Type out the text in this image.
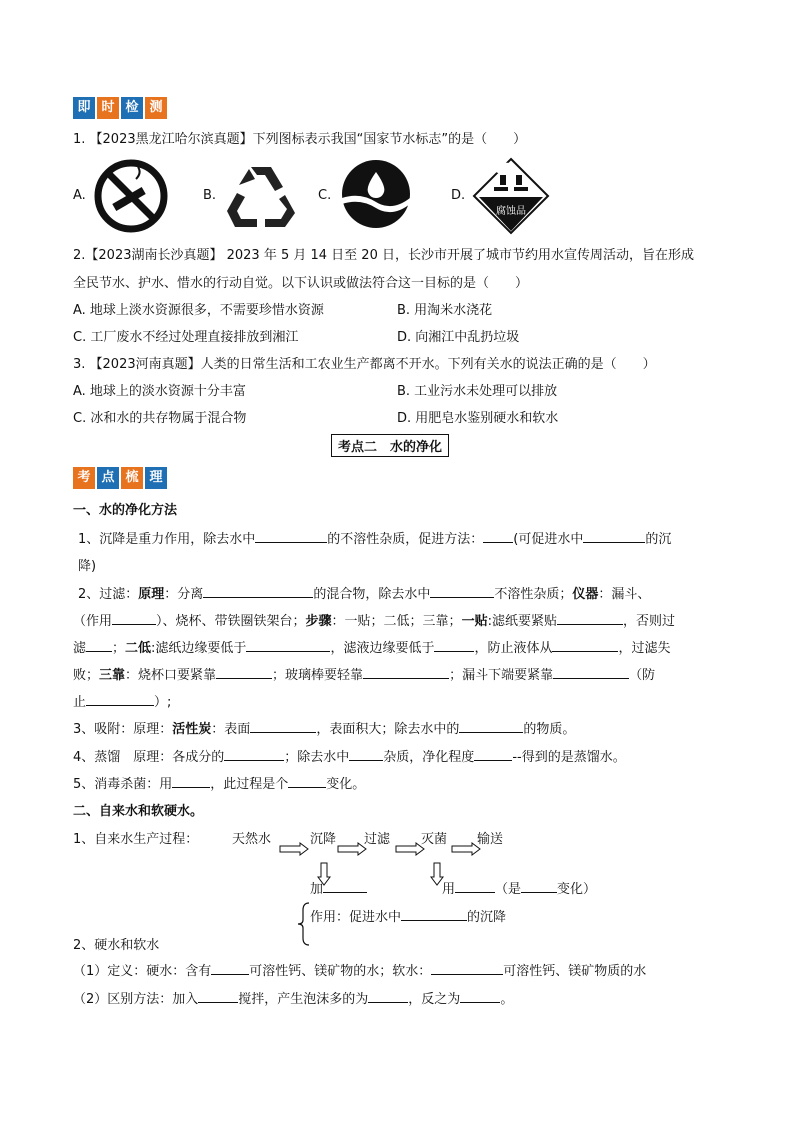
即 时 检 测
1. 【2023黑龙江哈尔滨真题】下列图标表示我国“国家节水标志”的是（　　）
A.	B.	C.	D.
腐蚀品
2.【2023湖南长沙真题】 2023 年 5 月 14 日至 20 日，长沙市开展了城市节约用水宣传周活动，旨在形成
全民节水、护水、惜水的行动自觉。以下认识或做法符合这一目标的是（　　）
A. 地球上淡水资源很多，不需要珍惜水资源	B. 用淘米水浇花
C. 工厂废水不经过处理直接排放到湘江	D. 向湘江中乱扔垃圾
3. 【2023河南真题】人类的日常生活和工农业生产都离不开水。下列有关水的说法正确的是（　　）
A. 地球上的淡水资源十分丰富	B. 工业污水未处理可以排放
C. 冰和水的共存物属于混合物	D. 用肥皂水鉴别硬水和软水
考点二　水的净化
考 点 梳 理
一、水的净化方法
1、沉降是重力作用，除去水中	的不溶性杂质，促进方法： (可促进水中	的沉
降)
2、过滤：原理：分离	的混合物，除去水中	不溶性杂质；仪器：漏斗、
（作用	）、烧杯、带铁圈铁架台；步骤：一贴；二低；三靠；一贴:滤纸要紧贴	，否则过
滤 ；二低:滤纸边缘要低于	，滤液边缘要低于	，防止液体从	，过滤失
败；三靠：烧杯口要紧靠	；玻璃棒要轻靠	；漏斗下端要紧靠	（防
止	）;
3、吸附：原理：活性炭：表面	，表面积大；除去水中的	的物质。
4、蒸馏　原理：各成分的	；除去水中	杂质，净化程度	--得到的是蒸馏水。
5、消毒杀菌：用	，此过程是个	变化。
二、自来水和软硬水。
1、自来水生产过程：	天然水	沉降 过滤 灭菌 输送
加	用	（是	变化）
作用：促进水中	的沉降
2、硬水和软水
（1）定义：硬水：含有	可溶性钙、镁矿物的水；软水：	可溶性钙、镁矿物质的水
（2）区别方法：加入	搅拌，产生泡沫多的为	，反之为	。
